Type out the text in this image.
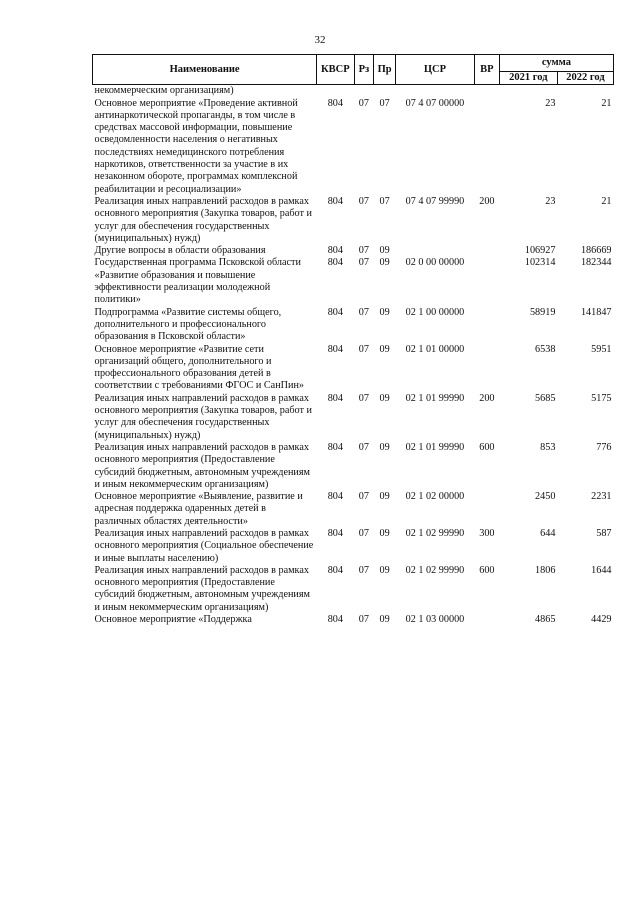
32
Наименование	КВСР	Рз	Пр	ЦСР	ВР	сумма	
						2021 год	2022 год
некоммерческим организациям)							
Основное мероприятие «Проведение активной антинаркотической пропаганды, в том числе в средствах массовой информации, повышение осведомленности населения о негативных последствиях немедицинского потребления наркотиков, ответственности за участие в их незаконном обороте, программах комплексной реабилитации и ресоциализации»	804	07	07	07 4 07 00000		23	21
Реализация иных направлений расходов в рамках основного мероприятия (Закупка товаров, работ и услуг для обеспечения государственных (муниципальных) нужд)	804	07	07	07 4 07 99990	200	23	21
Другие вопросы в области образования	804	07	09			106927	186669
Государственная программа Псковской области «Развитие образования и повышение эффективности реализации молодежной политики»	804	07	09	02 0 00 00000		102314	182344
Подпрограмма «Развитие системы общего, дополнительного и профессионального образования в Псковской области»	804	07	09	02 1 00 00000		58919	141847
Основное мероприятие «Развитие сети организаций общего, дополнительного и профессионального образования детей в соответствии с требованиями ФГОС и СанПин»	804	07	09	02 1 01 00000		6538	5951
Реализация иных направлений расходов в рамках основного мероприятия (Закупка товаров, работ и услуг для обеспечения государственных (муниципальных) нужд)	804	07	09	02 1 01 99990	200	5685	5175
Реализация иных направлений расходов в рамках основного мероприятия (Предоставление субсидий бюджетным, автономным учреждениям и иным некоммерческим организациям)	804	07	09	02 1 01 99990	600	853	776
Основное мероприятие «Выявление, развитие и адресная поддержка одаренных детей в различных областях деятельности»	804	07	09	02 1 02 00000		2450	2231
Реализация иных направлений расходов в рамках основного мероприятия (Социальное обеспечение и иные выплаты населению)	804	07	09	02 1 02 99990	300	644	587
Реализация иных направлений расходов в рамках основного мероприятия (Предоставление субсидий бюджетным, автономным учреждениям и иным некоммерческим организациям)	804	07	09	02 1 02 99990	600	1806	1644
Основное мероприятие «Поддержка	804	07	09	02 1 03 00000		4865	4429
